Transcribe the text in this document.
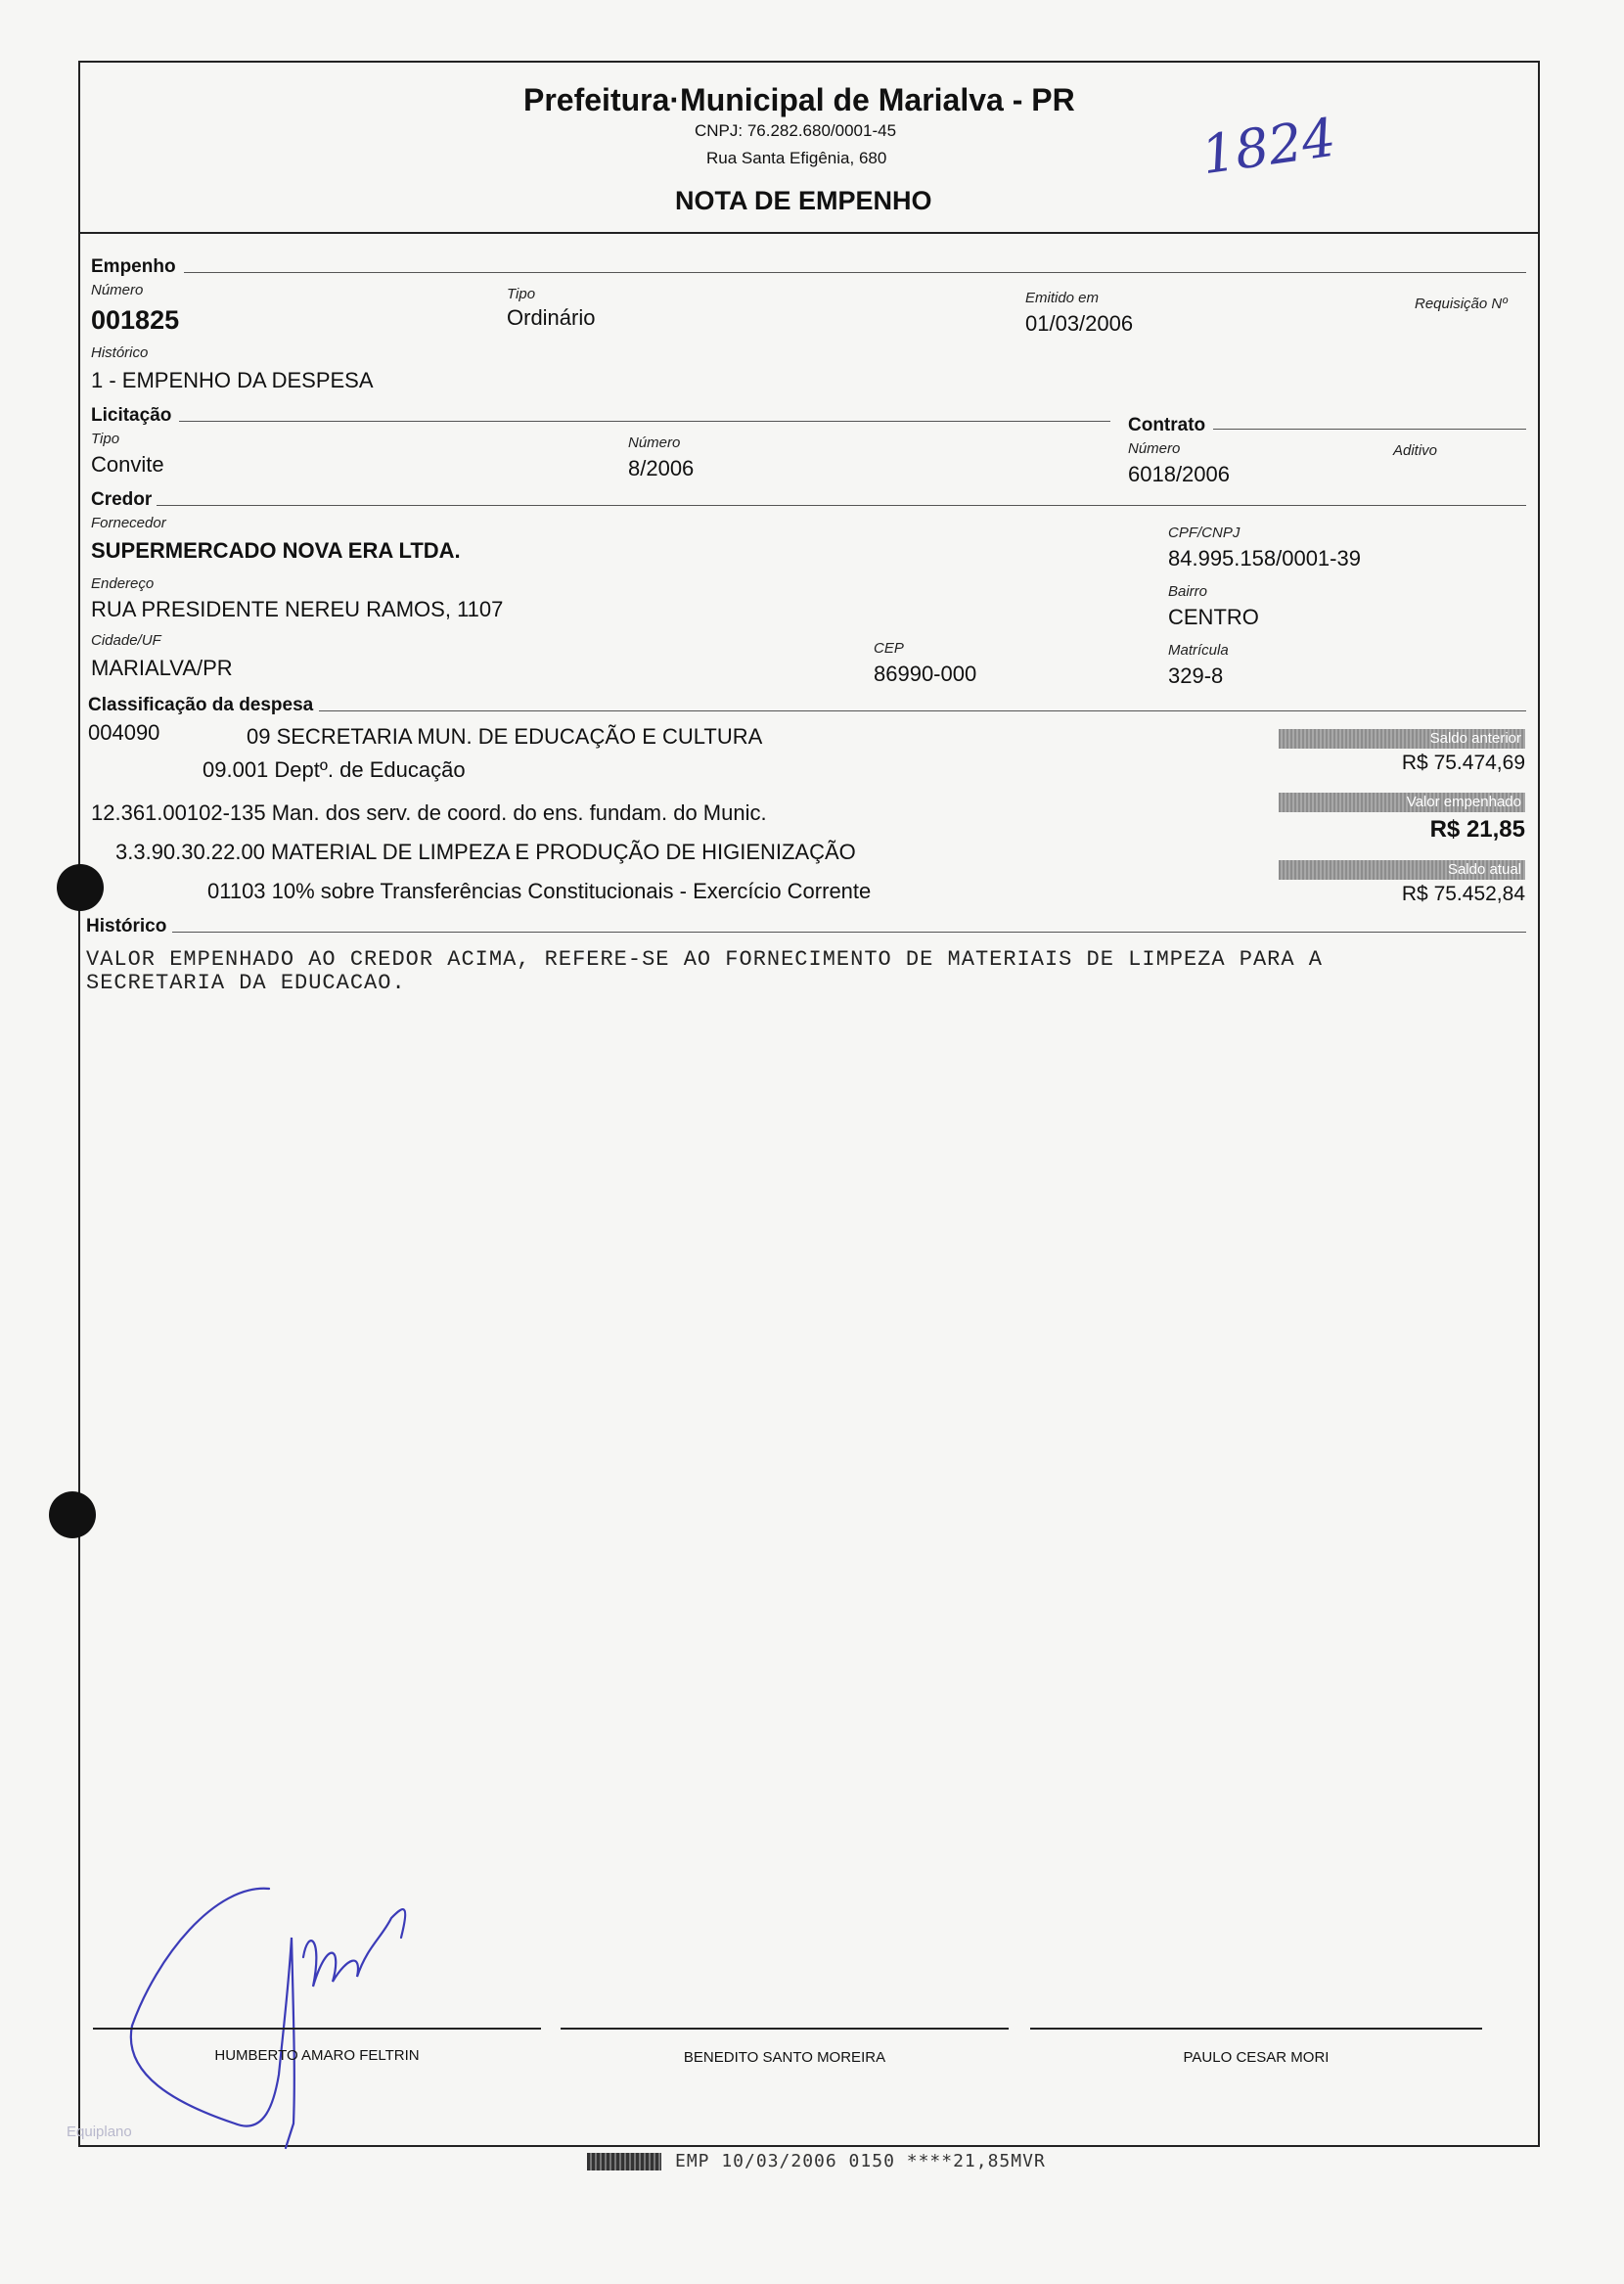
Prefeitura·Municipal de Marialva - PR
CNPJ: 76.282.680/0001-45
Rua Santa Efigênia, 680
NOTA DE EMPENHO
1824
Empenho
Número
001825
Tipo
Ordinário
Emitido em
01/03/2006
Requisição Nº
Histórico
1 - EMPENHO DA DESPESA
Licitação
Tipo
Convite
Número
8/2006
Contrato
Número
6018/2006
Aditivo
Credor
Fornecedor
SUPERMERCADO NOVA ERA LTDA.
CPF/CNPJ
84.995.158/0001-39
Endereço
RUA PRESIDENTE NEREU RAMOS, 1107
Bairro
CENTRO
Cidade/UF
MARIALVA/PR
CEP
86990-000
Matrícula
329-8
Classificação da despesa
004090	09 SECRETARIA MUN. DE EDUCAÇÃO E CULTURA
09.001 Deptº. de Educação
12.361.00102-135 Man. dos serv. de coord. do ens. fundam. do Munic.
3.3.90.30.22.00 MATERIAL DE LIMPEZA E PRODUÇÃO DE HIGIENIZAÇÃO
01103 10% sobre Transferências Constitucionais - Exercício Corrente
Saldo anterior
R$ 75.474,69
Valor empenhado
R$ 21,85
Saldo atual
R$ 75.452,84
Histórico
VALOR EMPENHADO AO CREDOR ACIMA, REFERE-SE AO FORNECIMENTO DE MATERIAIS DE LIMPEZA PARA A
SECRETARIA DA EDUCACAO.
HUMBERTO AMARO FELTRIN	BENEDITO SANTO MOREIRA	PAULO CESAR MORI
Equiplano
EMP 10/03/2006 0150 ****21,85MVR
